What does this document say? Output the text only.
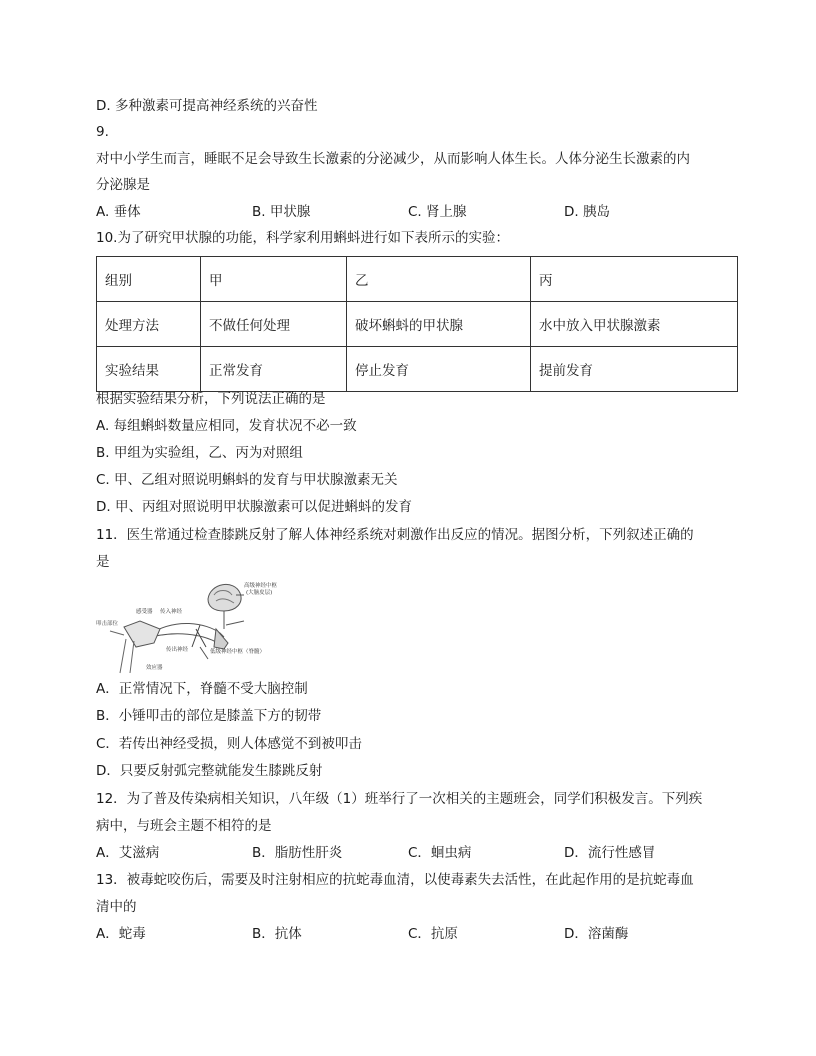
D. 多种激素可提高神经系统的兴奋性
9.
对中小学生而言，睡眠不足会导致生长激素的分泌减少，从而影响人体生长。人体分泌生长激素的内
分泌腺是
A. 垂体	B. 甲状腺	C. 肾上腺	D. 胰岛
10.为了研究甲状腺的功能，科学家利用蝌蚪进行如下表所示的实验：
组别	甲	乙	丙
处理方法	不做任何处理	破坏蝌蚪的甲状腺	水中放入甲状腺激素
实验结果	正常发育	停止发育	提前发育
根据实验结果分析，下列说法正确的是
A. 每组蝌蚪数量应相同，发育状况不必一致
B. 甲组为实验组，乙、丙为对照组
C. 甲、乙组对照说明蝌蚪的发育与甲状腺激素无关
D. 甲、丙组对照说明甲状腺激素可以促进蝌蚪的发育
11．医生常通过检查膝跳反射了解人体神经系统对刺激作出反应的情况。据图分析，下列叙述正确的
是
高级神经中枢
(大脑皮层)
感受器 传入神经
叩击部位
传出神经	低级神经中枢（脊髓）
效应器
A．正常情况下，脊髓不受大脑控制
B．小锤叩击的部位是膝盖下方的韧带
C．若传出神经受损，则人体感觉不到被叩击
D．只要反射弧完整就能发生膝跳反射
12．为了普及传染病相关知识，八年级（1）班举行了一次相关的主题班会，同学们积极发言。下列疾
病中，与班会主题不相符的是
A．艾滋病	B．脂肪性肝炎	C．蛔虫病	D．流行性感冒
13．被毒蛇咬伤后，需要及时注射相应的抗蛇毒血清，以使毒素失去活性，在此起作用的是抗蛇毒血
清中的
A．蛇毒	B．抗体	C．抗原	D．溶菌酶
